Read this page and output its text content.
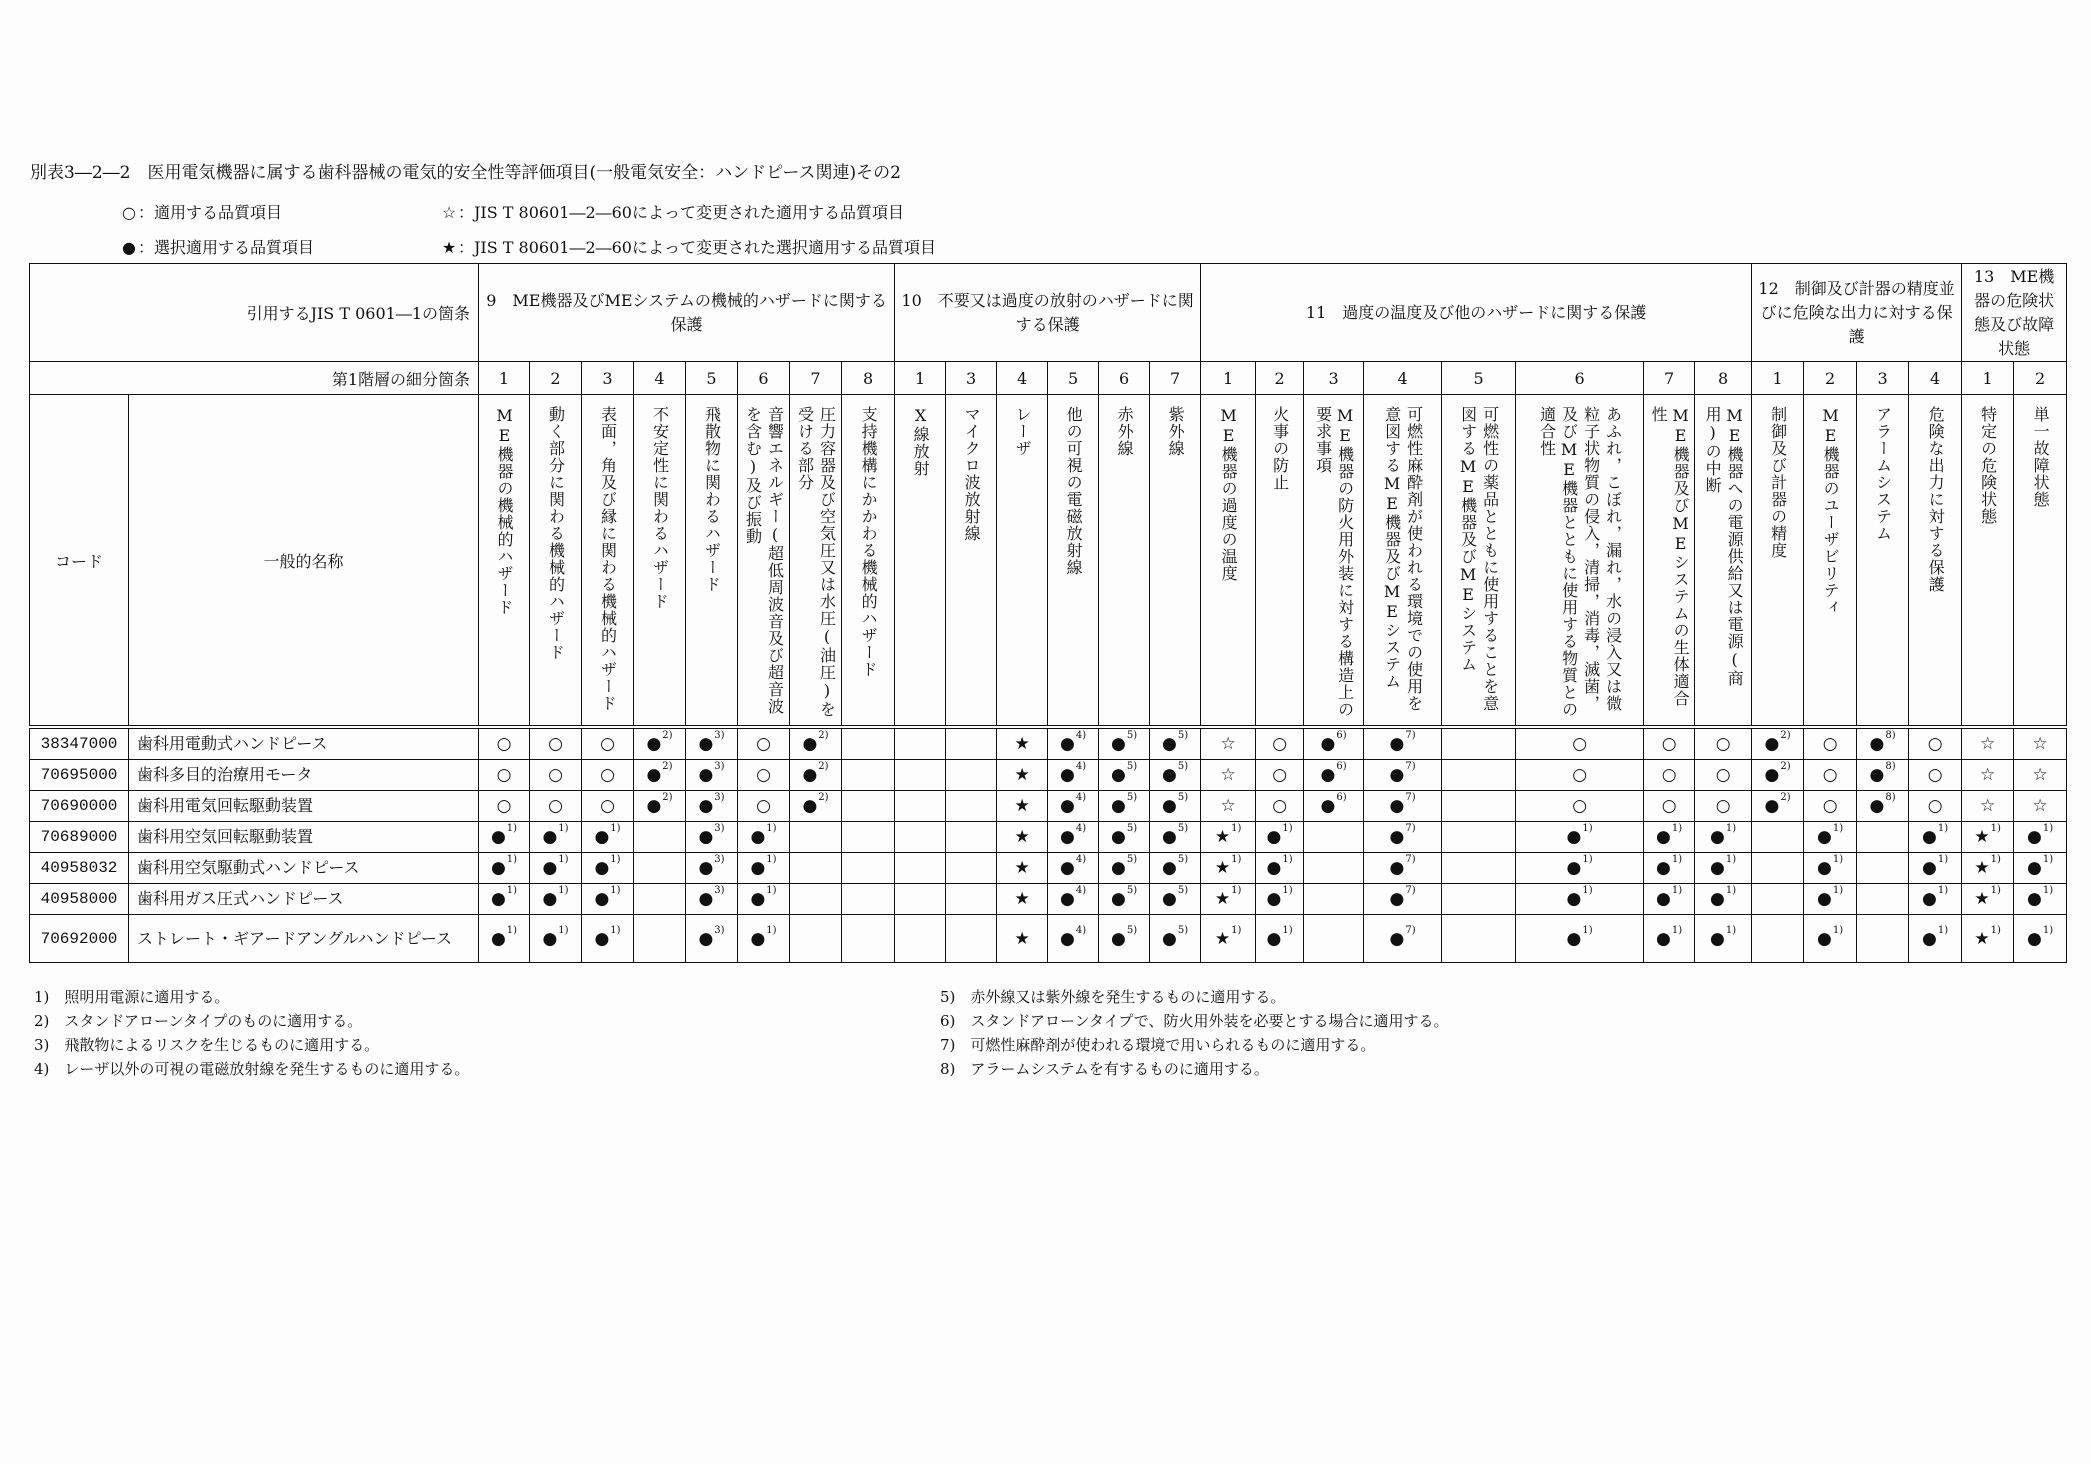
別表3―2―2　医用電気機器に属する歯科器械の電気的安全性等評価項目(一般電気安全：ハンドピース関連)その2
○ ：適用する品質項目
● ：選択適用する品質項目
☆ ：JIS T 80601―2―60によって変更された適用する品質項目
★ ：JIS T 80601―2―60によって変更された選択適用する品質項目
引用するJIS T 0601―1の箇条		9　ME機器及びMEシステムの機械的ハザードに関する保護								10　不要又は過度の放射のハザードに関する保護						11　過度の温度及び他のハザードに関する保護								12　制御及び計器の精度並びに危険な出力に対する保護				13　ME機器の危険状態及び故障状態	

第1階層の細分箇条		1	2	3	4	5	6	7	8	1	3	4	5	6	7	1	2	3	4	5	6	7	8	1	2	3	4	1	2
コード	一般的名称	ME機器の機械的ハザード	動く部分に関わる機械的ハザード	表面，角及び縁に関わる機械的ハザード	不安定性に関わるハザード	飛散物に関わるハザード	音響エネルギー(超低周波音及び超音波を含む)及び振動	圧力容器及び空気圧又は水圧(油圧)を受ける部分	支持機構にかかわる機械的ハザード	X線放射	マイクロ波放射線	レーザ	他の可視の電磁放射線	赤外線	紫外線	ME機器の過度の温度	火事の防止	ME機器の防火用外装に対する構造上の要求事項	可燃性麻酔剤が使われる環境での使用を意図するME機器及びMEシステム	可燃性の薬品とともに使用することを意図するME機器及びMEシステム	あふれ，こぼれ，漏れ，水の浸入又は微粒子状物質の侵入，清掃，消毒，滅菌，及びME機器とともに使用する物質との適合性	ME機器及びMEシステムの生体適合性	ME機器への電源供給又は電源(商用)の中断	制御及び計器の精度	ME機器のユーザビリティ	アラームシステム	危険な出力に対する保護	特定の危険状態	単一故障状態
38347000	歯科用電動式ハンドピース	○	○	○	●$^{2)}$	●$^{3)}$	○	●$^{2)}$				★	●$^{4)}$	●$^{5)}$	●$^{5)}$	☆	○	●$^{6)}$	●$^{7)}$		○	○	○	●$^{2)}$	○	●$^{8)}$	○	☆	☆
70695000	歯科多目的治療用モータ	○	○	○	●$^{2)}$	●$^{3)}$	○	●$^{2)}$				★	●$^{4)}$	●$^{5)}$	●$^{5)}$	☆	○	●$^{6)}$	●$^{7)}$		○	○	○	●$^{2)}$	○	●$^{8)}$	○	☆	☆
70690000	歯科用電気回転駆動装置	○	○	○	●$^{2)}$	●$^{3)}$	○	●$^{2)}$				★	●$^{4)}$	●$^{5)}$	●$^{5)}$	☆	○	●$^{6)}$	●$^{7)}$		○	○	○	●$^{2)}$	○	●$^{8)}$	○	☆	☆
70689000	歯科用空気回転駆動装置	●$^{1)}$	●$^{1)}$	●$^{1)}$		●$^{3)}$	●$^{1)}$					★	●$^{4)}$	●$^{5)}$	●$^{5)}$	★$^{1)}$	●$^{1)}$		●$^{7)}$		●$^{1)}$	●$^{1)}$	●$^{1)}$		●$^{1)}$		●$^{1)}$	★$^{1)}$	●$^{1)}$
40958032	歯科用空気駆動式ハンドピース	●$^{1)}$	●$^{1)}$	●$^{1)}$		●$^{3)}$	●$^{1)}$					★	●$^{4)}$	●$^{5)}$	●$^{5)}$	★$^{1)}$	●$^{1)}$		●$^{7)}$		●$^{1)}$	●$^{1)}$	●$^{1)}$		●$^{1)}$		●$^{1)}$	★$^{1)}$	●$^{1)}$
40958000	歯科用ガス圧式ハンドピース	●$^{1)}$	●$^{1)}$	●$^{1)}$		●$^{3)}$	●$^{1)}$					★	●$^{4)}$	●$^{5)}$	●$^{5)}$	★$^{1)}$	●$^{1)}$		●$^{7)}$		●$^{1)}$	●$^{1)}$	●$^{1)}$		●$^{1)}$		●$^{1)}$	★$^{1)}$	●$^{1)}$
70692000	ストレート・ギアードアングルハンドピース	●$^{1)}$	●$^{1)}$	●$^{1)}$		●$^{3)}$	●$^{1)}$					★	●$^{4)}$	●$^{5)}$	●$^{5)}$	★$^{1)}$	●$^{1)}$		●$^{7)}$		●$^{1)}$	●$^{1)}$	●$^{1)}$		●$^{1)}$		●$^{1)}$	★$^{1)}$	●$^{1)}$
1)　照明用電源に適用する。
2)　スタンドアローンタイプのものに適用する。
3)　飛散物によるリスクを生じるものに適用する。
4)　レーザ以外の可視の電磁放射線を発生するものに適用する。
5)　赤外線又は紫外線を発生するものに適用する。
6)　スタンドアローンタイプで、防火用外装を必要とする場合に適用する。
7)　可燃性麻酔剤が使われる環境で用いられるものに適用する。
8)　アラームシステムを有するものに適用する。
